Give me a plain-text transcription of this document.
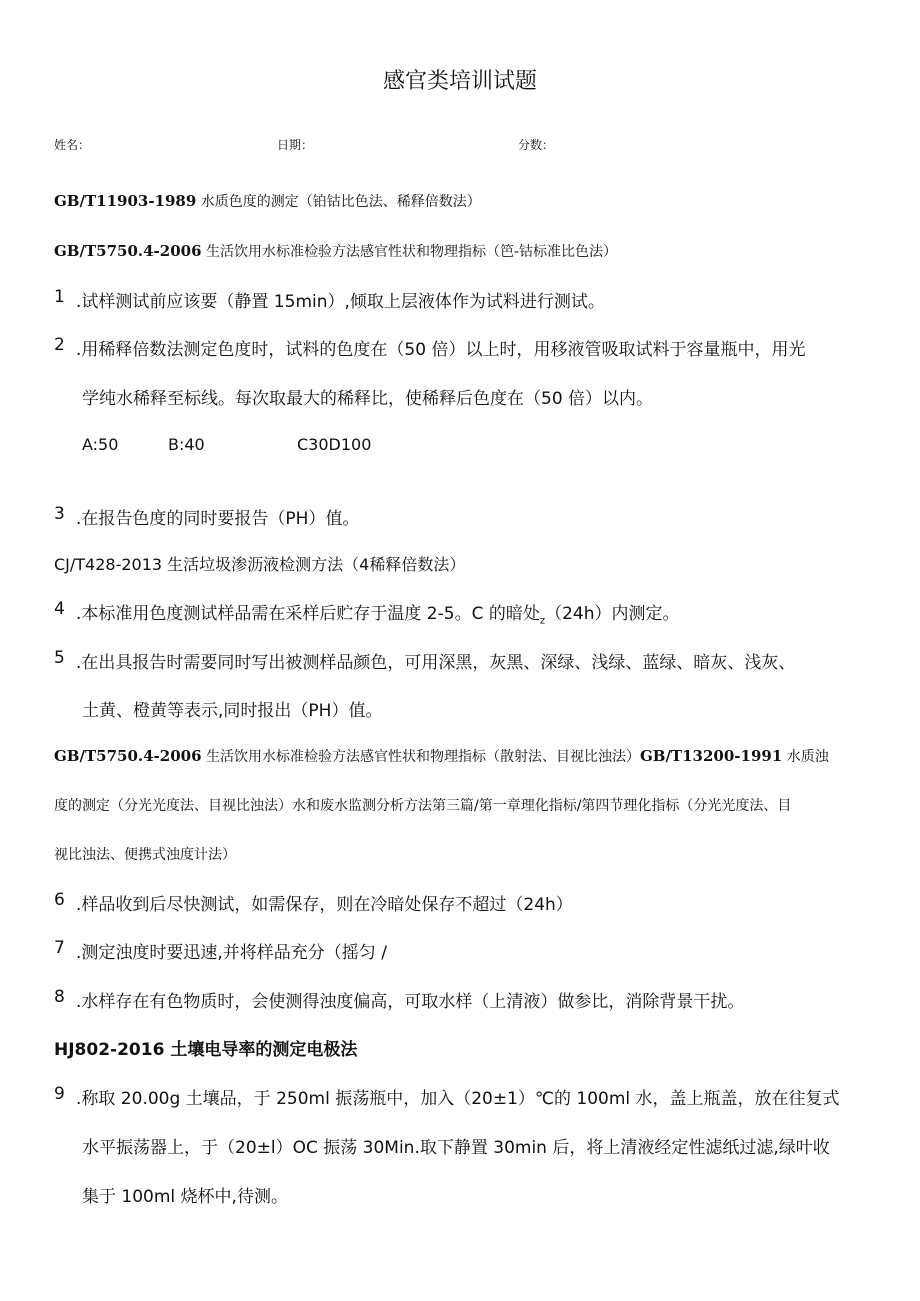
感官类培训试题
姓名：	日期：	分数：
GB/T11903-1989 水质色度的测定（铂钴比色法、稀释倍数法）
GB/T5750.4-2006 生活饮用水标准检验方法感官性状和物理指标（笆-钴标准比色法）
1 .试样测试前应该要（静置 15min）,倾取上层液体作为试料进行测试。
2 .用稀释倍数法测定色度时，试料的色度在（50 倍）以上时，用移液管吸取试料于容量瓶中，用光
学纯水稀释至标线。每次取最大的稀释比，使稀释后色度在（50 倍）以内。
A:50	B:40	C30D100
3 .在报告色度的同时要报告（PH）值。
CJ/T428-2013 生活垃圾渗沥液检测方法（4稀释倍数法）
4 .本标准用色度测试样品需在采样后贮存于温度 2-5。C 的暗处$_z$（24h）内测定。
5 .在出具报告时需要同时写出被测样品颜色，可用深黑，灰黑、深绿、浅绿、蓝绿、暗灰、浅灰、
土黄、橙黄等表示,同时报出（PH）值。
GB/T5750.4-2006 生活饮用水标准检验方法感官性状和物理指标（散射法、目视比浊法）GB/T13200-1991 水质浊
度的测定（分光光度法、目视比浊法）水和废水监测分析方法第三篇/第一章理化指标/第四节理化指标（分光光度法、目
视比浊法、便携式浊度计法）
6 .样品收到后尽快测试，如需保存，则在冷暗处保存不超过（24h）
7 .测定浊度时要迅速,并将样品充分（摇匀 /
8 .水样存在有色物质时，会使测得浊度偏高，可取水样（上清液）做参比，消除背景干扰。
HJ802-2016 土壤电导率的测定电极法
9 .称取 20.00g 土壤品，于 250ml 振荡瓶中，加入（20±1）℃的 100ml 水，盖上瓶盖，放在往复式
水平振荡器上，于（20±l）OC 振荡 30Min.取下静置 30min 后，将上清液经定性滤纸过滤,绿叶收
集于 100ml 烧杯中,待测。
